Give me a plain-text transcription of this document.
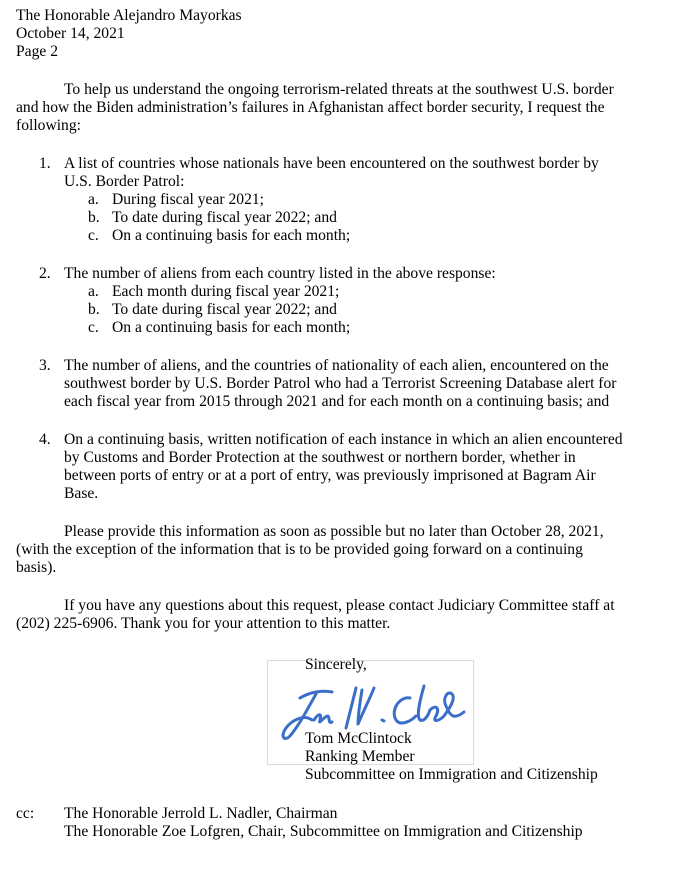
The Honorable Alejandro Mayorkas
October 14, 2021
Page 2
To help us understand the ongoing terrorism-related threats at the southwest U.S. border
and how the Biden administration’s failures in Afghanistan affect border security, I request the
following:
1. A list of countries whose nationals have been encountered on the southwest border by
U.S. Border Patrol:
a. During fiscal year 2021;
b. To date during fiscal year 2022; and
c. On a continuing basis for each month;
2. The number of aliens from each country listed in the above response:
a. Each month during fiscal year 2021;
b. To date during fiscal year 2022; and
c. On a continuing basis for each month;
3. The number of aliens, and the countries of nationality of each alien, encountered on the
southwest border by U.S. Border Patrol who had a Terrorist Screening Database alert for
each fiscal year from 2015 through 2021 and for each month on a continuing basis; and
4. On a continuing basis, written notification of each instance in which an alien encountered
by Customs and Border Protection at the southwest or northern border, whether in
between ports of entry or at a port of entry, was previously imprisoned at Bagram Air
Base.
Please provide this information as soon as possible but no later than October 28, 2021,
(with the exception of the information that is to be provided going forward on a continuing
basis).
If you have any questions about this request, please contact Judiciary Committee staff at
(202) 225-6906. Thank you for your attention to this matter.
Sincerely,
Tom McClintock
Ranking Member
Subcommittee on Immigration and Citizenship
cc: The Honorable Jerrold L. Nadler, Chairman
The Honorable Zoe Lofgren, Chair, Subcommittee on Immigration and Citizenship
